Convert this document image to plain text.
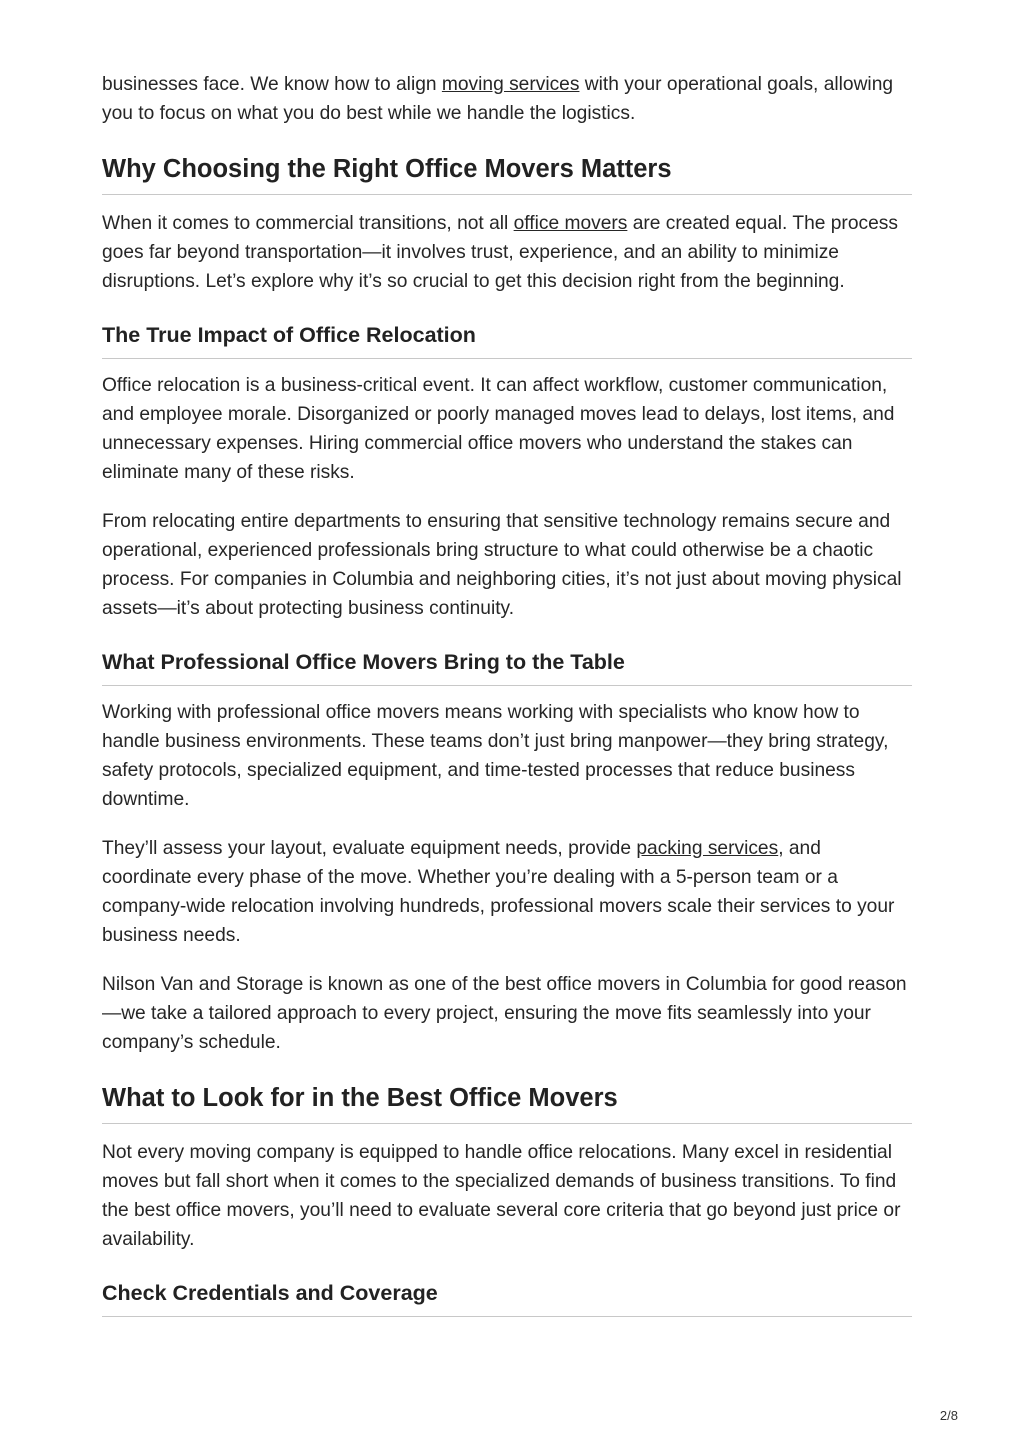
businesses face. We know how to align moving services with your operational goals, allowing you to focus on what you do best while we handle the logistics.

Why Choosing the Right Office Movers Matters

When it comes to commercial transitions, not all office movers are created equal. The process goes far beyond transportation—it involves trust, experience, and an ability to minimize disruptions. Let’s explore why it’s so crucial to get this decision right from the beginning.

The True Impact of Office Relocation

Office relocation is a business-critical event. It can affect workflow, customer communication, and employee morale. Disorganized or poorly managed moves lead to delays, lost items, and unnecessary expenses. Hiring commercial office movers who understand the stakes can eliminate many of these risks.

From relocating entire departments to ensuring that sensitive technology remains secure and operational, experienced professionals bring structure to what could otherwise be a chaotic process. For companies in Columbia and neighboring cities, it’s not just about moving physical assets—it’s about protecting business continuity.

What Professional Office Movers Bring to the Table

Working with professional office movers means working with specialists who know how to handle business environments. These teams don’t just bring manpower—they bring strategy, safety protocols, specialized equipment, and time-tested processes that reduce business downtime.

They’ll assess your layout, evaluate equipment needs, provide packing services, and coordinate every phase of the move. Whether you’re dealing with a 5-person team or a company-wide relocation involving hundreds, professional movers scale their services to your business needs.

Nilson Van and Storage is known as one of the best office movers in Columbia for good reason—we take a tailored approach to every project, ensuring the move fits seamlessly into your company’s schedule.

What to Look for in the Best Office Movers

Not every moving company is equipped to handle office relocations. Many excel in residential moves but fall short when it comes to the specialized demands of business transitions. To find the best office movers, you’ll need to evaluate several core criteria that go beyond just price or availability.

Check Credentials and Coverage
2/8
